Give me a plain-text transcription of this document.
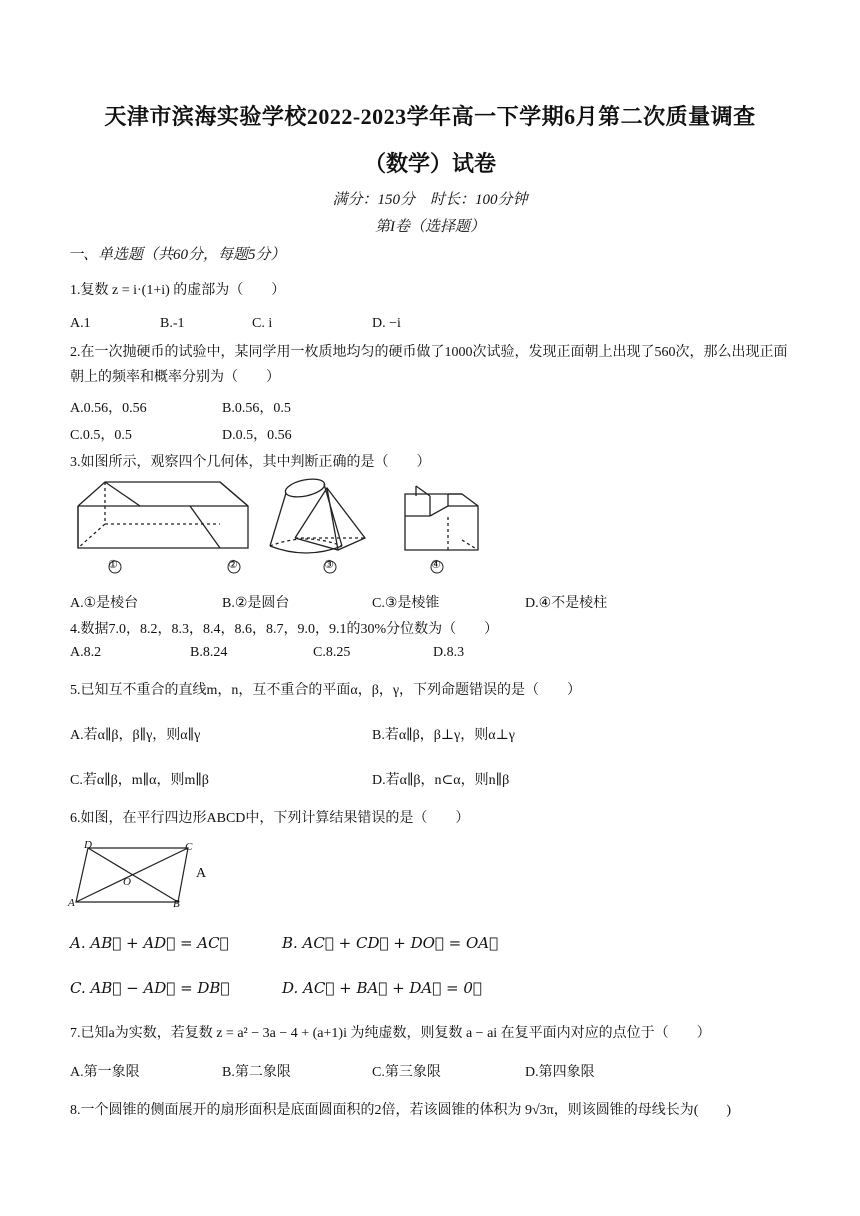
天津市滨海实验学校2022-2023学年高一下学期6月第二次质量调查
（数学）试卷
满分：150分　时长：100分钟
第I卷（选择题）
一、单选题（共60分，每题5分）
1.复数 z = i·(1+i) 的虚部为（　　）
A.1	B.-1	C. i	D. −i
2.在一次抛硬币的试验中，某同学用一枚质地均匀的硬币做了1000次试验，发现正面朝上出现了560次，那么出现正面朝上的频率和概率分别为（　　）
A.0.56，0.56	B.0.56，0.5
C.0.5，0.5	D.0.5，0.56
3.如图所示，观察四个几何体，其中判断正确的是（　　）
A.①是棱台	B.②是圆台	C.③是棱锥	D.④不是棱柱
①	②	③	④
4.数据7.0，8.2，8.3，8.4，8.6，8.7，9.0，9.1的30%分位数为（　　）
A.8.2	B.8.24	C.8.25	D.8.3
5.已知互不重合的直线m，n，互不重合的平面α，β，γ，下列命题错误的是（　　）
A.若α∥β，β∥γ，则α∥γ	B.若α∥β，β⊥γ，则α⊥γ
C.若α∥β，m∥α，则m∥β	D.若α∥β，n⊂α，则n∥β
6.如图，在平行四边形ABCD中，下列计算结果错误的是（　　）
D	C
O
A	B
A
A. AB⃗ + AD⃗ = AC⃗	B. AC⃗ + CD⃗ + DO⃗ = OA⃗
C. AB⃗ − AD⃗ = DB⃗	D. AC⃗ + BA⃗ + DA⃗ = 0⃗
7.已知a为实数，若复数 z = a² − 3a − 4 + (a+1)i 为纯虚数，则复数 a − ai 在复平面内对应的点位于（　　）
A.第一象限	B.第二象限	C.第三象限	D.第四象限
8.一个圆锥的侧面展开的扇形面积是底面圆面积的2倍，若该圆锥的体积为 9√3π，则该圆锥的母线长为(　　)
